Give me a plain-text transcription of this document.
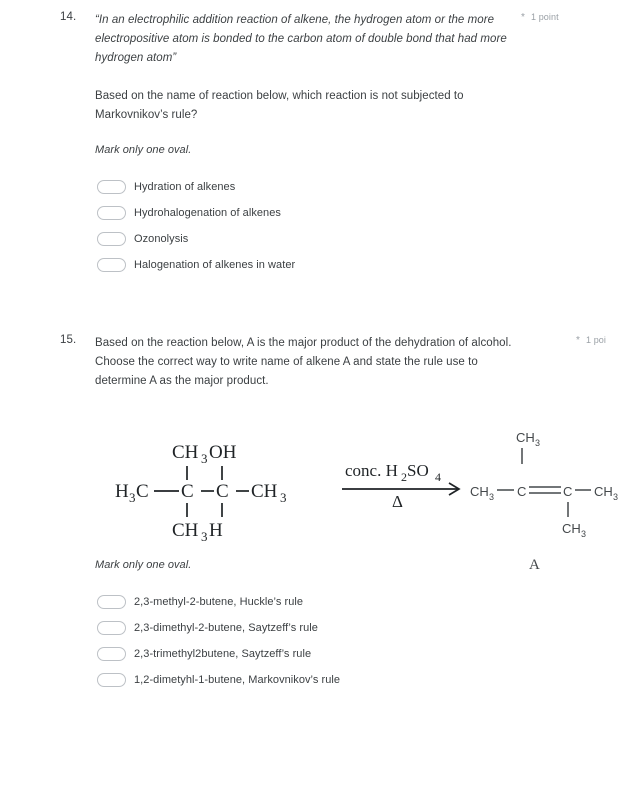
14.	* 1 point
“In an electrophilic addition reaction of alkene, the hydrogen atom or the more electropositive atom is bonded to the carbon atom of double bond that had more hydrogen atom”
Based on the name of reaction below, which reaction is not subjected to Markovnikov’s rule?
Mark only one oval.
Hydration of alkenes
Hydrohalogenation of alkenes
Ozonolysis
Halogenation of alkenes in water
15.	* 1 poi
Based on the reaction below, A is the major product of the dehydration of alcohol. Choose the correct way to write name of alkene A and state the rule use to determine A as the major product.
CH 3 OH
H 3 C C C CH 3
CH 3 H
conc. H 2 SO 4
Δ
CH 3
CH 3 C	C CH 3
CH 3
A
Mark only one oval.
2,3-methyl-2-butene, Huckle’s rule
2,3-dimethyl-2-butene, Saytzeff’s rule
2,3-trimethyl2butene, Saytzeff’s rule
1,2-dimetyhl-1-butene, Markovnikov’s rule
